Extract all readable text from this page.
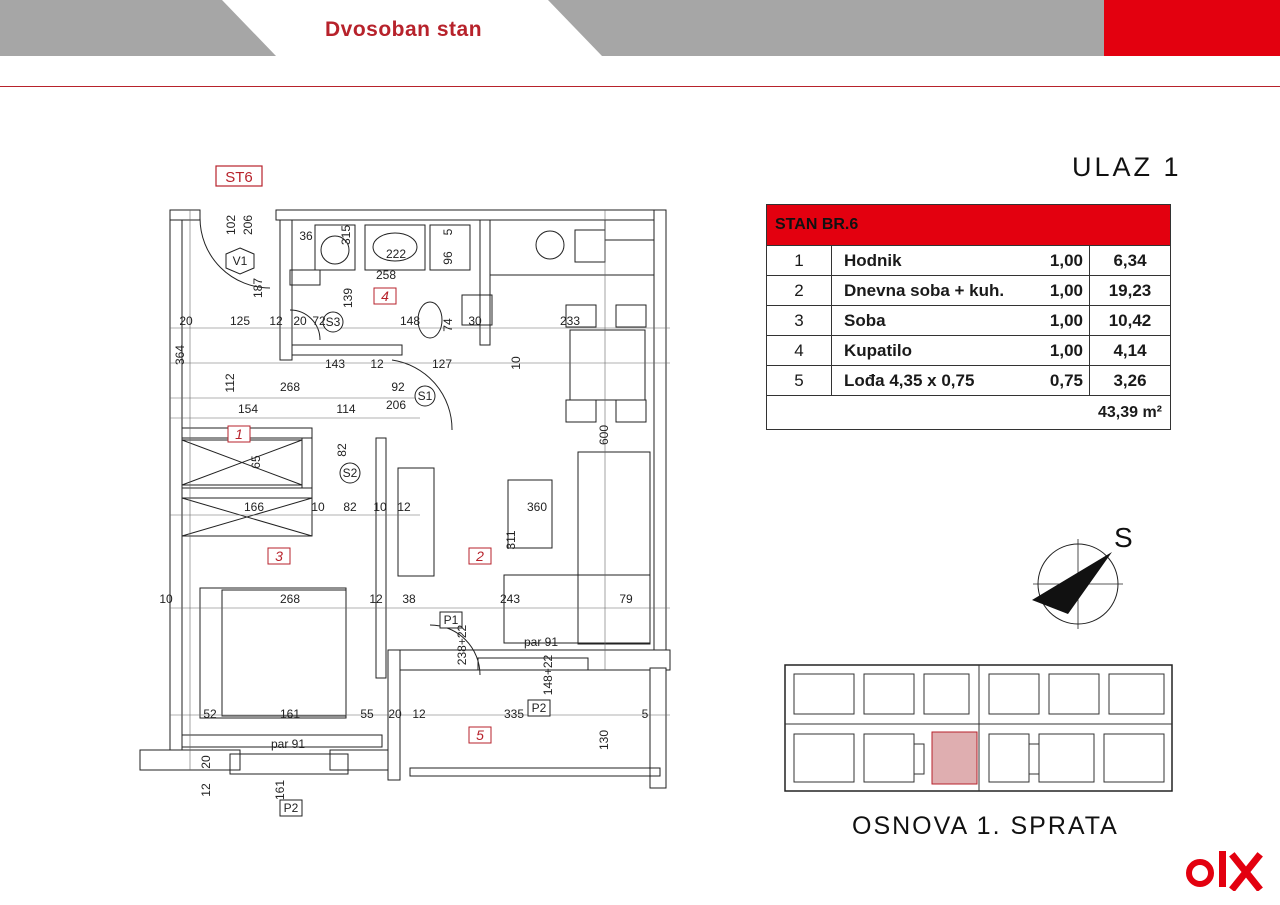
Dvosoban stan
ST6
4
1
3	2
5
V1
S1
S2
S3
P1
P2
P2
par 91
par 91
102 206
187
20	125 12 20 72	148 74 30	233
364	143 12	127	10
112	268	92
206
154	114
82
65
166	10 82 10 12	360
311
600
268	12 38	243	79
161	55 20 12	335	5
52
130
36
222	96
258
139
315	5
238+22
148+22
161
12
20
10
ULAZ 1
STAN BR.6
1	Hodnik	1,00	6,34
2	Dnevna soba + kuh.	1,00	19,23
3	Soba	1,00	10,42
4	Kupatilo	1,00	4,14
5	Lođa 4,35 x 0,75	0,75	3,26
43,39 m²
S
OSNOVA 1. SPRATA
